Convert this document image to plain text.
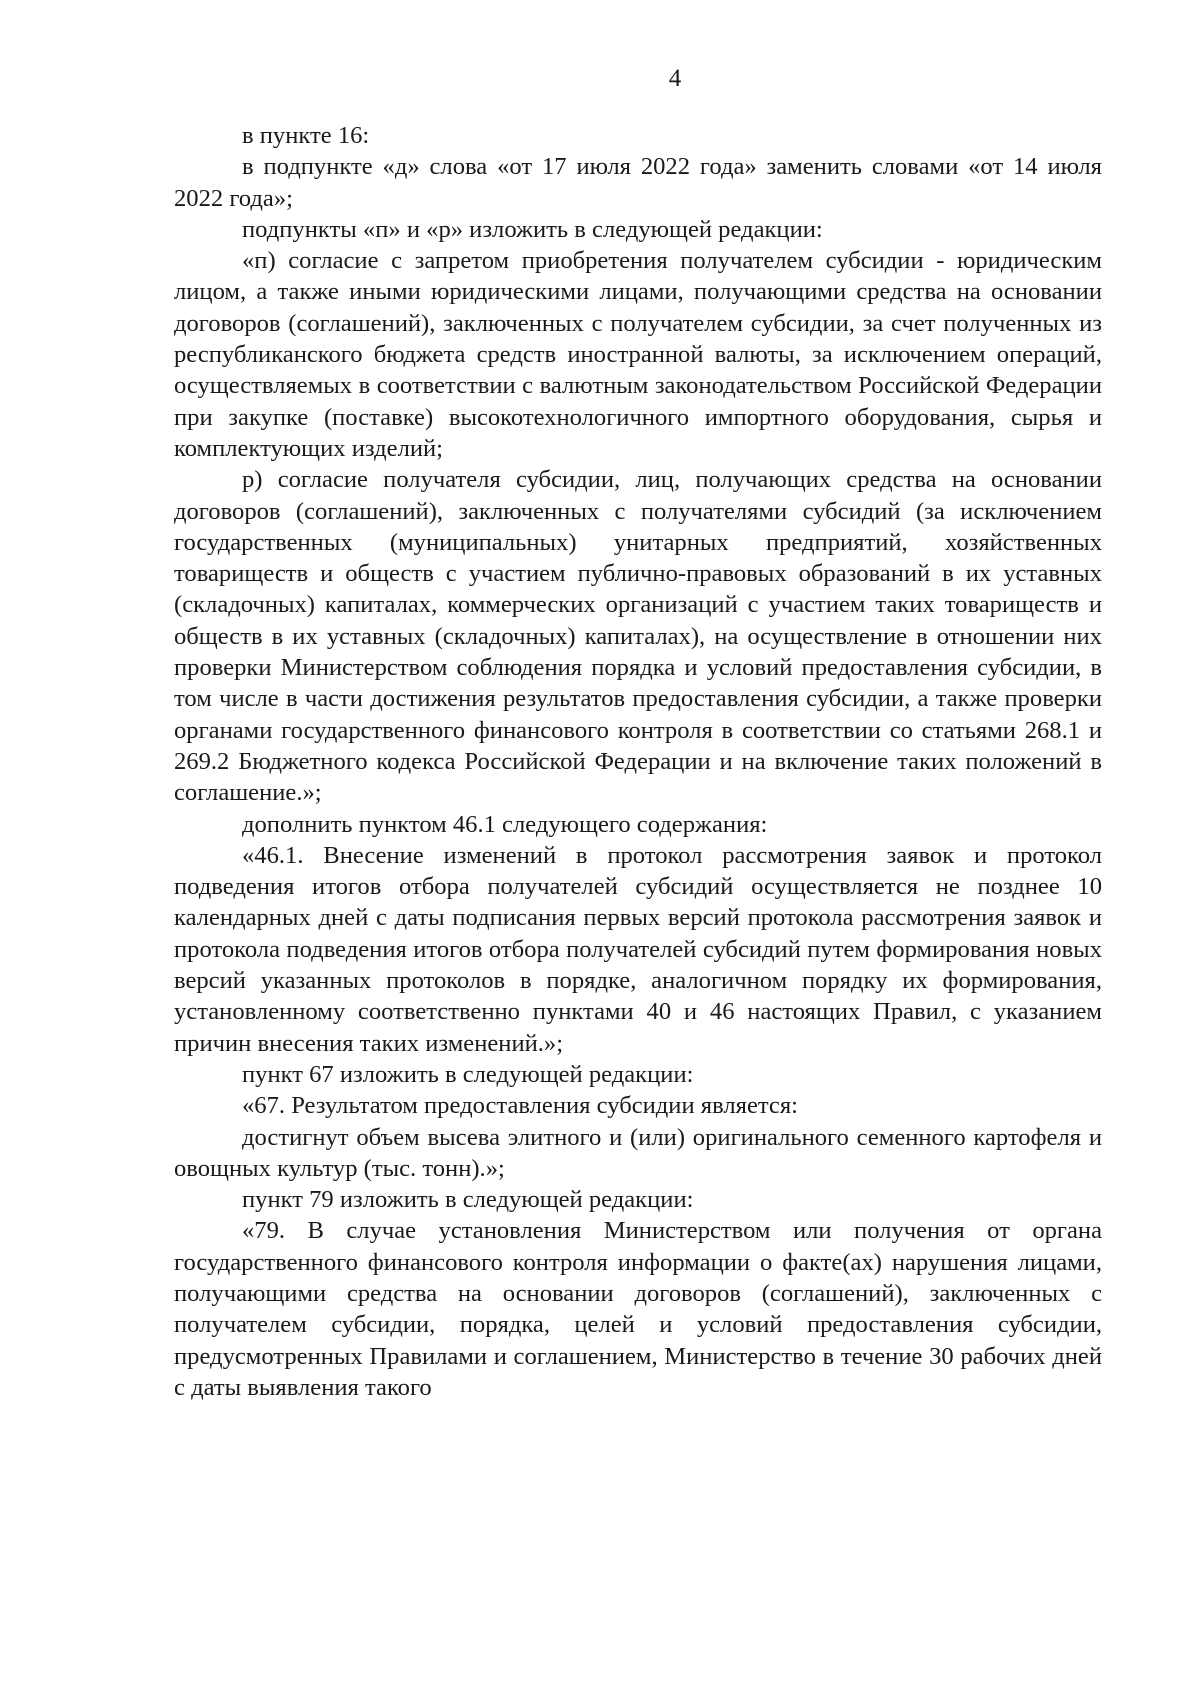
4

в пункте 16:

в подпункте «д» слова «от 17 июля 2022 года» заменить словами «от 14 июля 2022 года»;

подпункты «п» и «р» изложить в следующей редакции:

«п) согласие с запретом приобретения получателем субсидии - юридическим лицом, а также иными юридическими лицами, получающими средства на основании договоров (соглашений), заключенных с получателем субсидии, за счет полученных из республиканского бюджета средств иностранной валюты, за исключением операций, осуществляемых в соответствии с валютным законодательством Российской Федерации при закупке (поставке) высокотехнологичного импортного оборудования, сырья и комплектующих изделий;

р) согласие получателя субсидии, лиц, получающих средства на основании договоров (соглашений), заключенных с получателями субсидий (за исключением государственных (муниципальных) унитарных предприятий, хозяйственных товариществ и обществ с участием публично-правовых образований в их уставных (складочных) капиталах, коммерческих организаций с участием таких товариществ и обществ в их уставных (складочных) капиталах), на осуществление в отношении них проверки Министерством соблюдения порядка и условий предоставления субсидии, в том числе в части достижения результатов предоставления субсидии, а также проверки органами государственного финансового контроля в соответствии со статьями 268.1 и 269.2 Бюджетного кодекса Российской Федерации и на включение таких положений в соглашение.»;

дополнить пунктом 46.1 следующего содержания:

«46.1. Внесение изменений в протокол рассмотрения заявок и протокол подведения итогов отбора получателей субсидий осуществляется не позднее 10 календарных дней с даты подписания первых версий протокола рассмотрения заявок и протокола подведения итогов отбора получателей субсидий путем формирования новых версий указанных протоколов в порядке, аналогичном порядку их формирования, установленному соответственно пунктами 40 и 46 настоящих Правил, с указанием причин внесения таких изменений.»;

пункт 67 изложить в следующей редакции:

«67. Результатом предоставления субсидии является:

достигнут объем высева элитного и (или) оригинального семенного картофеля и овощных культур (тыс. тонн).»;

пункт 79 изложить в следующей редакции:

«79. В случае установления Министерством или получения от органа государственного финансового контроля информации о факте(ах) нарушения лицами, получающими средства на основании договоров (соглашений), заключенных с получателем субсидии, порядка, целей и условий предоставления субсидии, предусмотренных Правилами и соглашением, Министерство в течение 30 рабочих дней с даты выявления такого
